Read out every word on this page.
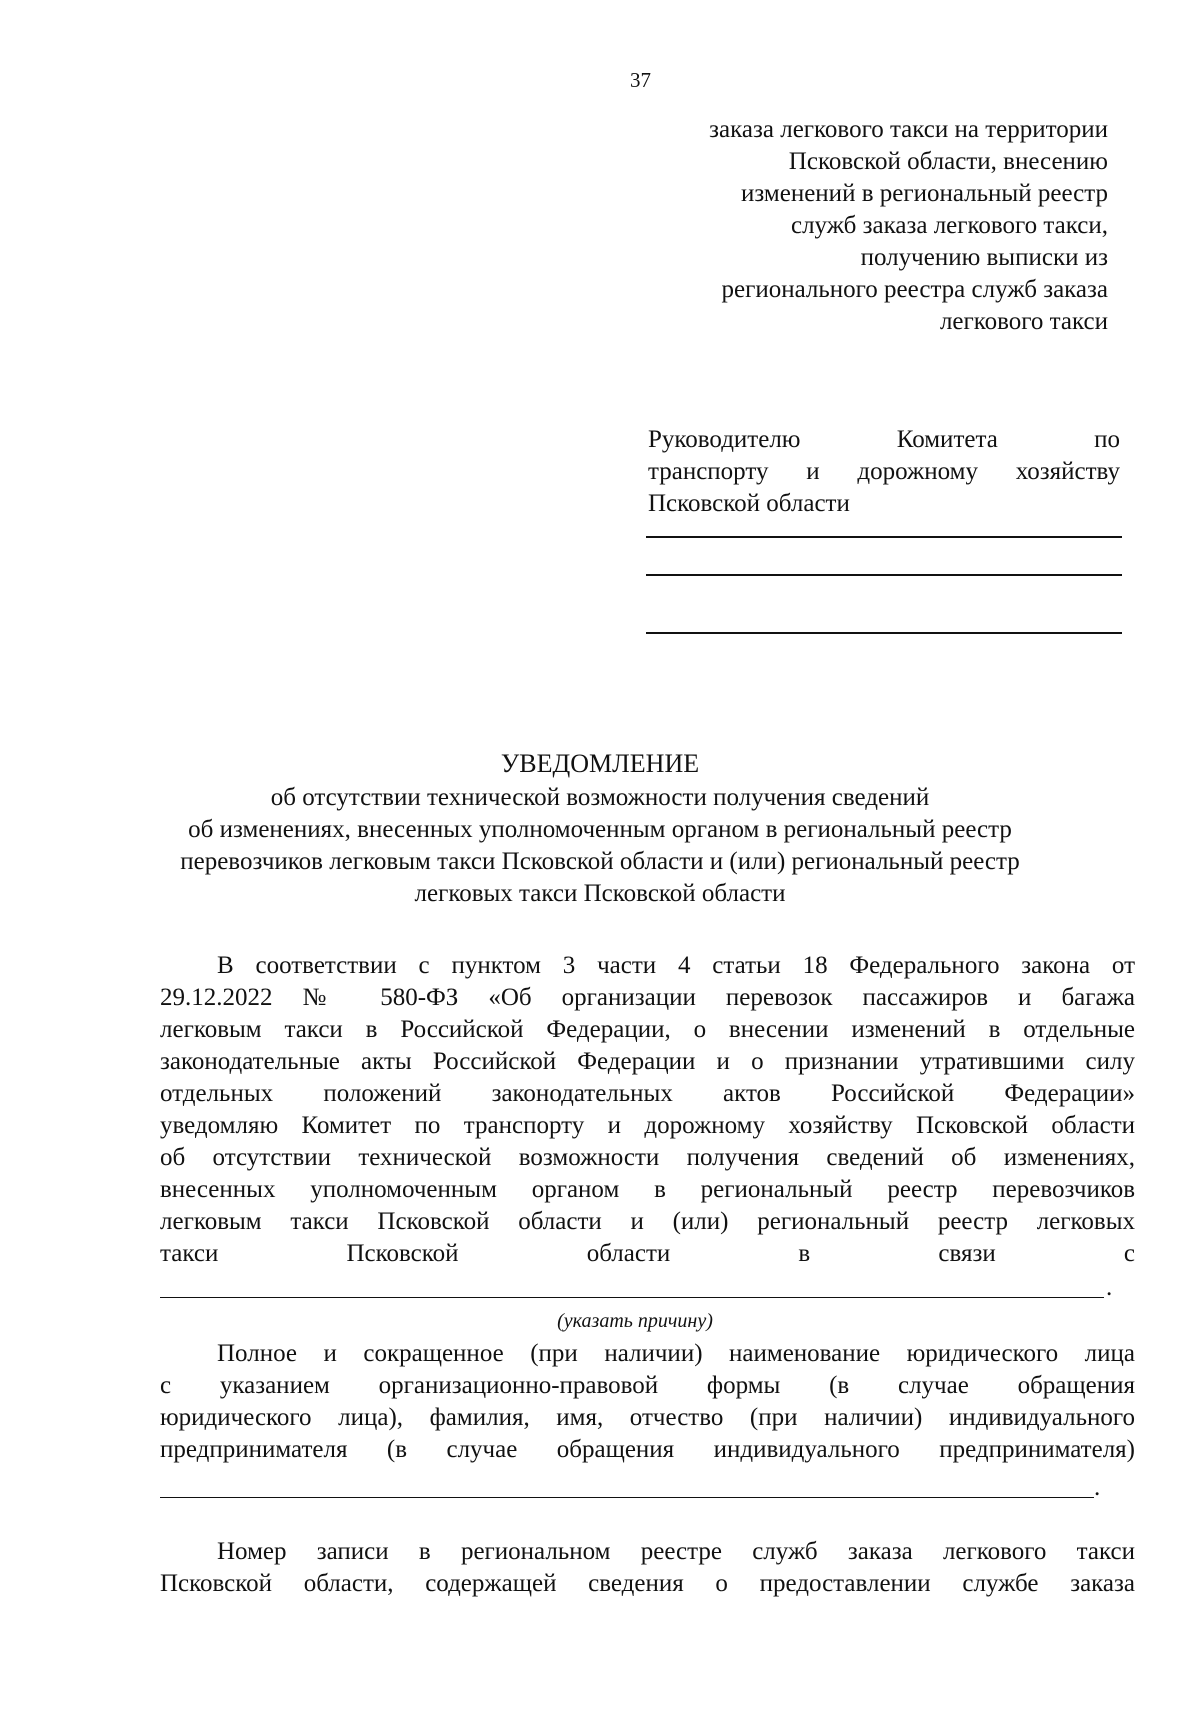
37
заказа легкового такси на территории
Псковской области, внесению
изменений в региональный реестр
служб заказа легкового такси,
получению выписки из
регионального реестра служб заказа
легкового такси
Руководителю Комитета по
транспорту и дорожному хозяйству
Псковской области
УВЕДОМЛЕНИЕ
об отсутствии технической возможности получения сведений
об изменениях, внесенных уполномоченным органом в региональный реестр
перевозчиков легковым такси Псковской области и (или) региональный реестр
легковых такси Псковской области
В соответствии с пунктом 3 части 4 статьи 18 Федерального закона от
29.12.2022 № 580-ФЗ «Об организации перевозок пассажиров и багажа
легковым такси в Российской Федерации, о внесении изменений в отдельные
законодательные акты Российской Федерации и о признании утратившими силу
отдельных положений законодательных актов Российской Федерации»
уведомляю Комитет по транспорту и дорожному хозяйству Псковской области
об отсутствии технической возможности получения сведений об изменениях,
внесенных уполномоченным органом в региональный реестр перевозчиков
легковым такси Псковской области и (или) региональный реестр легковых
такси Псковской области в связи с
.
(указать причину)
Полное и сокращенное (при наличии) наименование юридического лица
с указанием организационно-правовой формы (в случае обращения
юридического лица), фамилия, имя, отчество (при наличии) индивидуального
предпринимателя (в случае обращения индивидуального предпринимателя)
.
Номер записи в региональном реестре служб заказа легкового такси
Псковской области, содержащей сведения о предоставлении службе заказа
